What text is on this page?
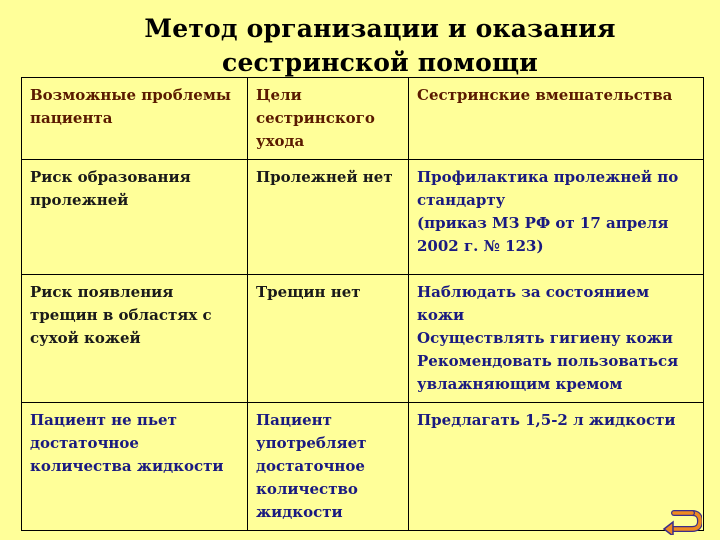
Метод организации и оказания сестринской помощи
Возможные проблемы пациента	Цели сестринского ухода	Сестринские вмешательства
Риск образования пролежней	Пролежней нет	Профилактика пролежней по стандарту
(приказ МЗ РФ от 17 апреля 2002 г. № 123)

Риск появления трещин в областях с сухой кожей	Трещин нет	Наблюдать за состоянием кожи
Осуществлять гигиену кожи
Рекомендовать пользоваться увлажняющим кремом

Пациент не пьет достаточное количества жидкости	Пациент употребляет достаточное количество жидкости	Предлагать 1,5-2 л жидкости
